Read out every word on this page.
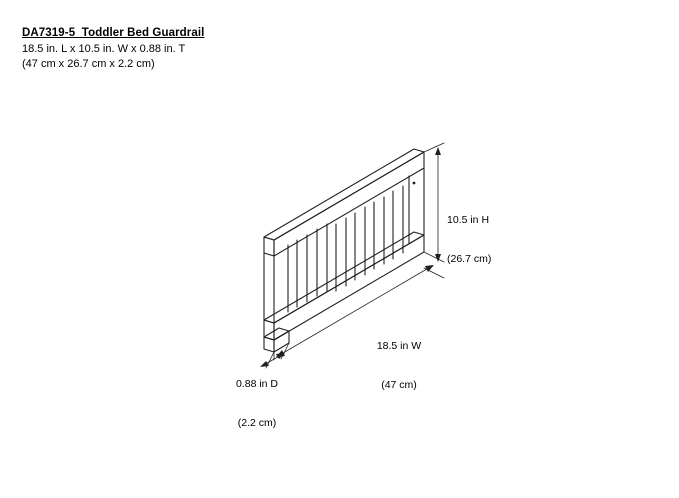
DA7319-5  Toddler Bed Guardrail
18.5 in. L x 10.5 in. W x 0.88 in. T
(47 cm x 26.7 cm x 2.2 cm)

10.5 in H

(26.7 cm)

18.5 in W

(47 cm)

0.88 in D

(2.2 cm)
